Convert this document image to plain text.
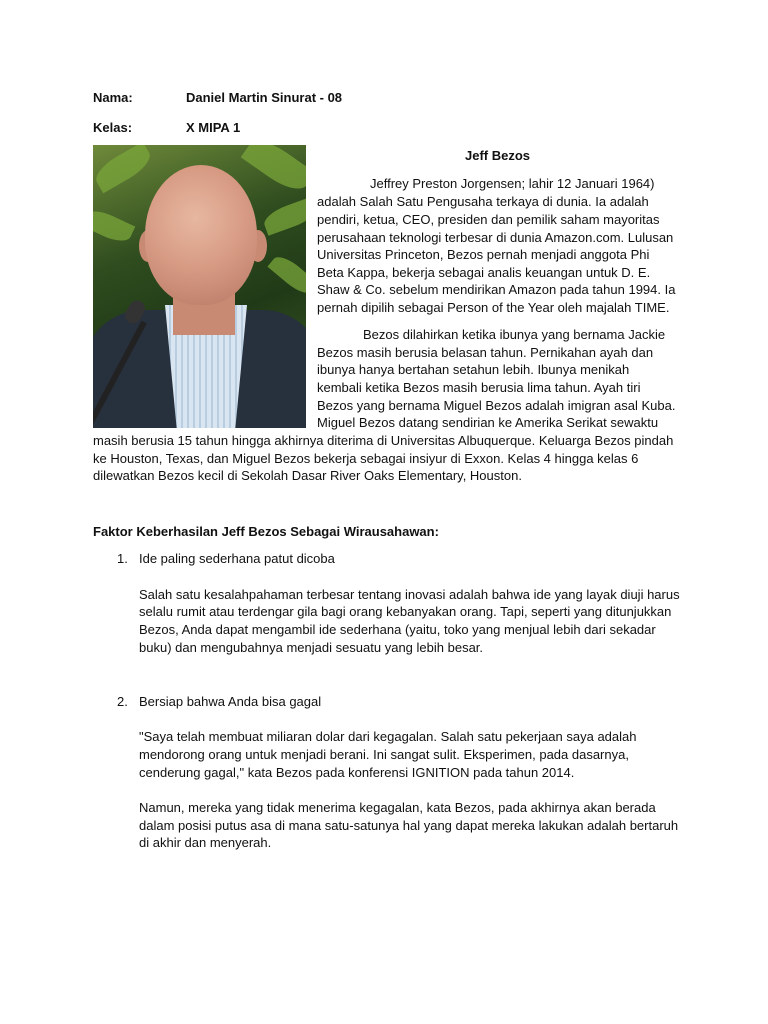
Nama:	Daniel Martin Sinurat - 08
Kelas:	X MIPA 1
Jeff Bezos
Jeffrey Preston Jorgensen; lahir 12 Januari 1964)
adalah Salah Satu Pengusaha terkaya di dunia. Ia adalah
pendiri, ketua, CEO, presiden dan pemilik saham mayoritas
perusahaan teknologi terbesar di dunia Amazon.com. Lulusan
Universitas Princeton, Bezos pernah menjadi anggota Phi
Beta Kappa, bekerja sebagai analis keuangan untuk D. E.
Shaw & Co. sebelum mendirikan Amazon pada tahun 1994. Ia
pernah dipilih sebagai Person of the Year oleh majalah TIME.
Bezos dilahirkan ketika ibunya yang bernama Jackie
Bezos masih berusia belasan tahun. Pernikahan ayah dan
ibunya hanya bertahan setahun lebih. Ibunya menikah
kembali ketika Bezos masih berusia lima tahun. Ayah tiri
Bezos yang bernama Miguel Bezos adalah imigran asal Kuba.
Miguel Bezos datang sendirian ke Amerika Serikat sewaktu
masih berusia 15 tahun hingga akhirnya diterima di Universitas Albuquerque. Keluarga Bezos pindah
ke Houston, Texas, dan Miguel Bezos bekerja sebagai insiyur di Exxon. Kelas 4 hingga kelas 6
dilewatkan Bezos kecil di Sekolah Dasar River Oaks Elementary, Houston.
Faktor Keberhasilan Jeff Bezos Sebagai Wirausahawan:
1. Ide paling sederhana patut dicoba
Salah satu kesalahpahaman terbesar tentang inovasi adalah bahwa ide yang layak diuji harus
selalu rumit atau terdengar gila bagi orang kebanyakan orang. Tapi, seperti yang ditunjukkan
Bezos, Anda dapat mengambil ide sederhana (yaitu, toko yang menjual lebih dari sekadar
buku) dan mengubahnya menjadi sesuatu yang lebih besar.
2. Bersiap bahwa Anda bisa gagal
"Saya telah membuat miliaran dolar dari kegagalan. Salah satu pekerjaan saya adalah
mendorong orang untuk menjadi berani. Ini sangat sulit. Eksperimen, pada dasarnya,
cenderung gagal," kata Bezos pada konferensi IGNITION pada tahun 2014.
Namun, mereka yang tidak menerima kegagalan, kata Bezos, pada akhirnya akan berada
dalam posisi putus asa di mana satu-satunya hal yang dapat mereka lakukan adalah bertaruh
di akhir dan menyerah.
